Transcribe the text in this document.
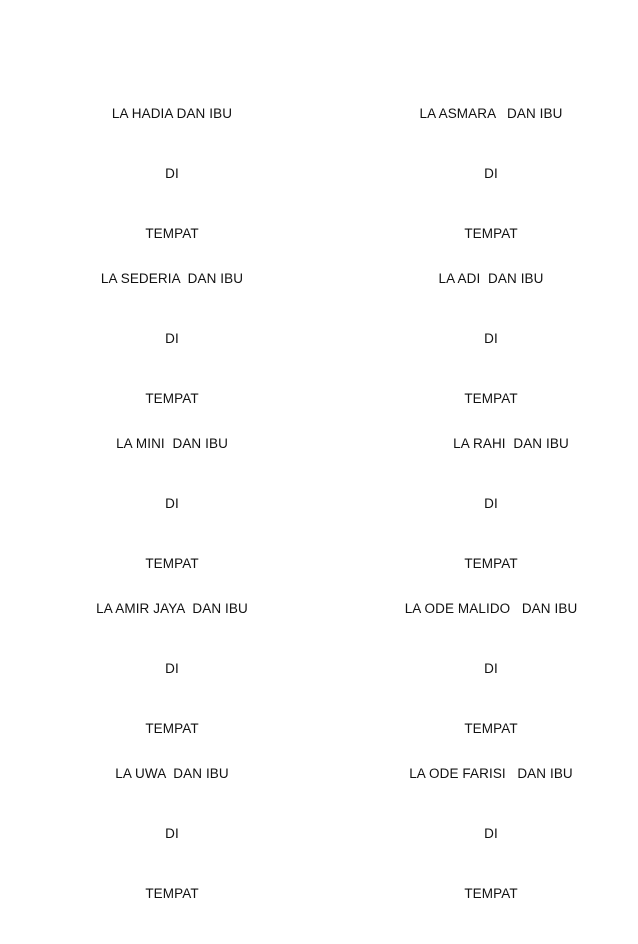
LA HADIA DAN IBU

DI

TEMPAT

LA ASMARA   DAN IBU

DI

TEMPAT

LA SEDERIA  DAN IBU

DI

TEMPAT

LA ADI  DAN IBU

DI

TEMPAT

LA MINI  DAN IBU

DI

TEMPAT

LA RAHI  DAN IBU

DI

TEMPAT

LA AMIR JAYA  DAN IBU

DI

TEMPAT

LA ODE MALIDO   DAN IBU

DI

TEMPAT

LA UWA  DAN IBU

DI

TEMPAT

LA ODE FARISI   DAN IBU

DI

TEMPAT
